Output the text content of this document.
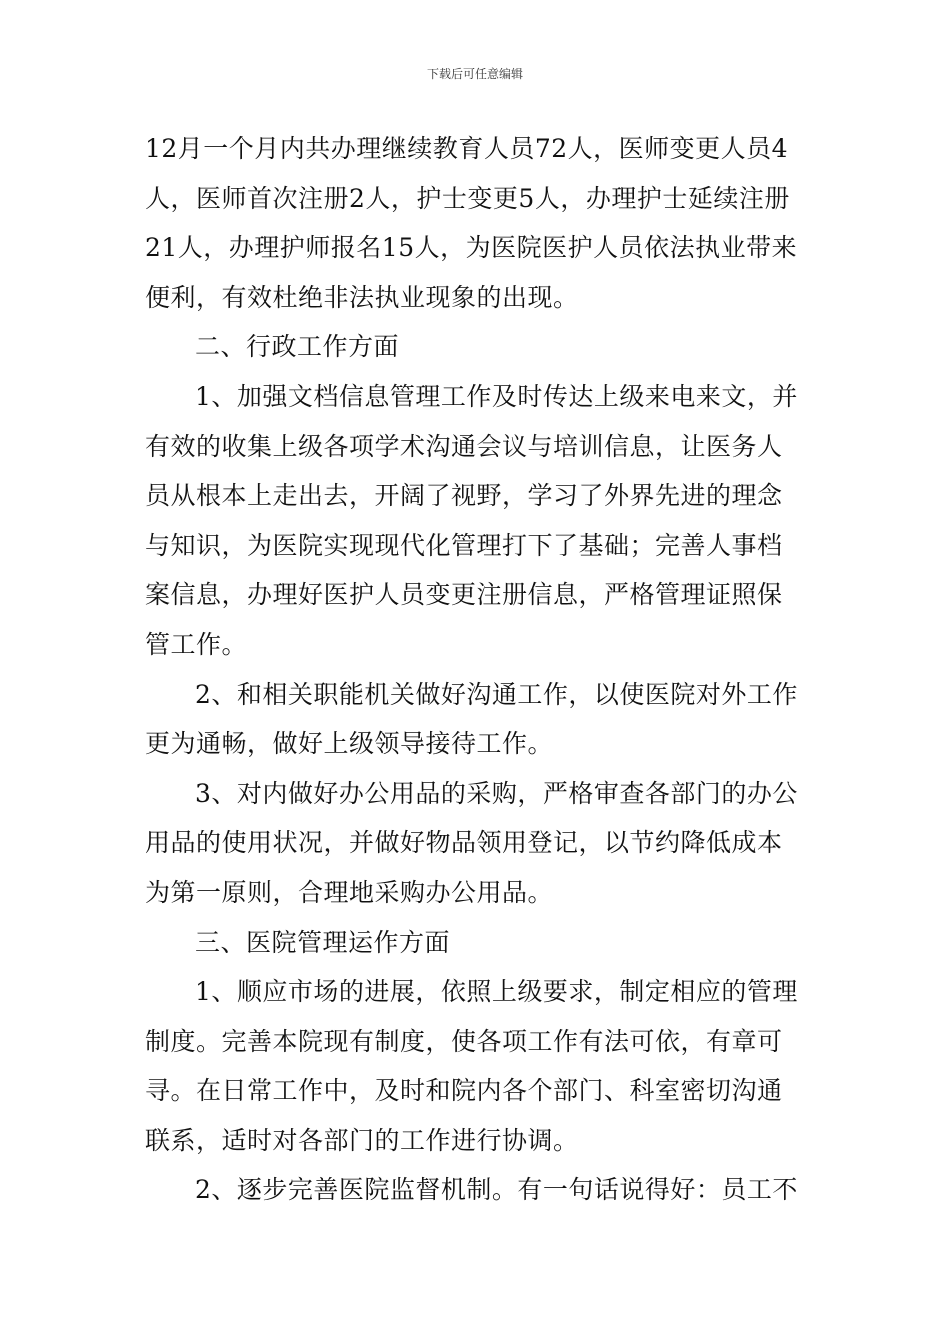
下载后可任意编辑
12月一个月内共办理继续教育人员72人，医师变更人员4
人，医师首次注册2人，护士变更5人，办理护士延续注册
21人，办理护师报名15人，为医院医护人员依法执业带来
便利，有效杜绝非法执业现象的出现。
二、行政工作方面
1、加强文档信息管理工作及时传达上级来电来文，并
有效的收集上级各项学术沟通会议与培训信息，让医务人
员从根本上走出去，开阔了视野，学习了外界先进的理念
与知识，为医院实现现代化管理打下了基础；完善人事档
案信息，办理好医护人员变更注册信息，严格管理证照保
管工作。
2、和相关职能机关做好沟通工作，以使医院对外工作
更为通畅，做好上级领导接待工作。
3、对内做好办公用品的采购，严格审查各部门的办公
用品的使用状况，并做好物品领用登记，以节约降低成本
为第一原则，合理地采购办公用品。
三、医院管理运作方面
1、顺应市场的进展，依照上级要求，制定相应的管理
制度。完善本院现有制度，使各项工作有法可依，有章可
寻。在日常工作中，及时和院内各个部门、科室密切沟通
联系，适时对各部门的工作进行协调。
2、逐步完善医院监督机制。有一句话说得好：员工不
